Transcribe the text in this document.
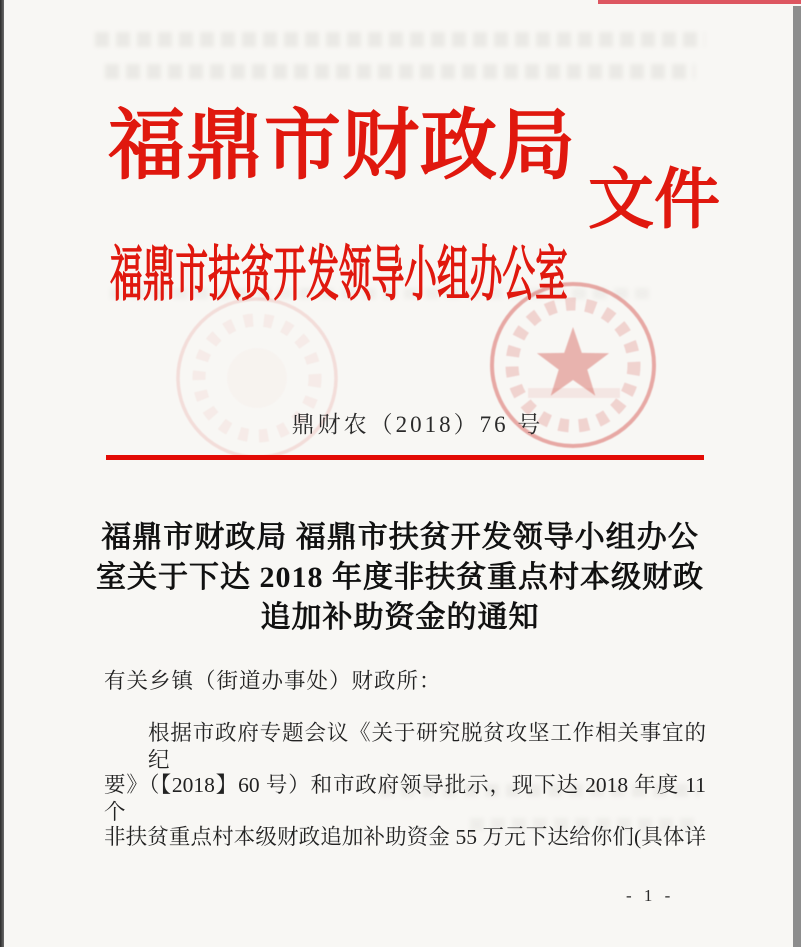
福鼎市财政局
文件
福鼎市扶贫开发领导小组办公室
鼎财农（2018）76 号
福鼎市财政局 福鼎市扶贫开发领导小组办公
室关于下达 2018 年度非扶贫重点村本级财政
追加补助资金的通知
有关乡镇（街道办事处）财政所：
根据市政府专题会议《关于研究脱贫攻坚工作相关事宜的纪
要》（【2018】60 号）和市政府领导批示，现下达 2018 年度 11 个
非扶贫重点村本级财政追加补助资金 55 万元下达给你们(具体详
- 1 -
